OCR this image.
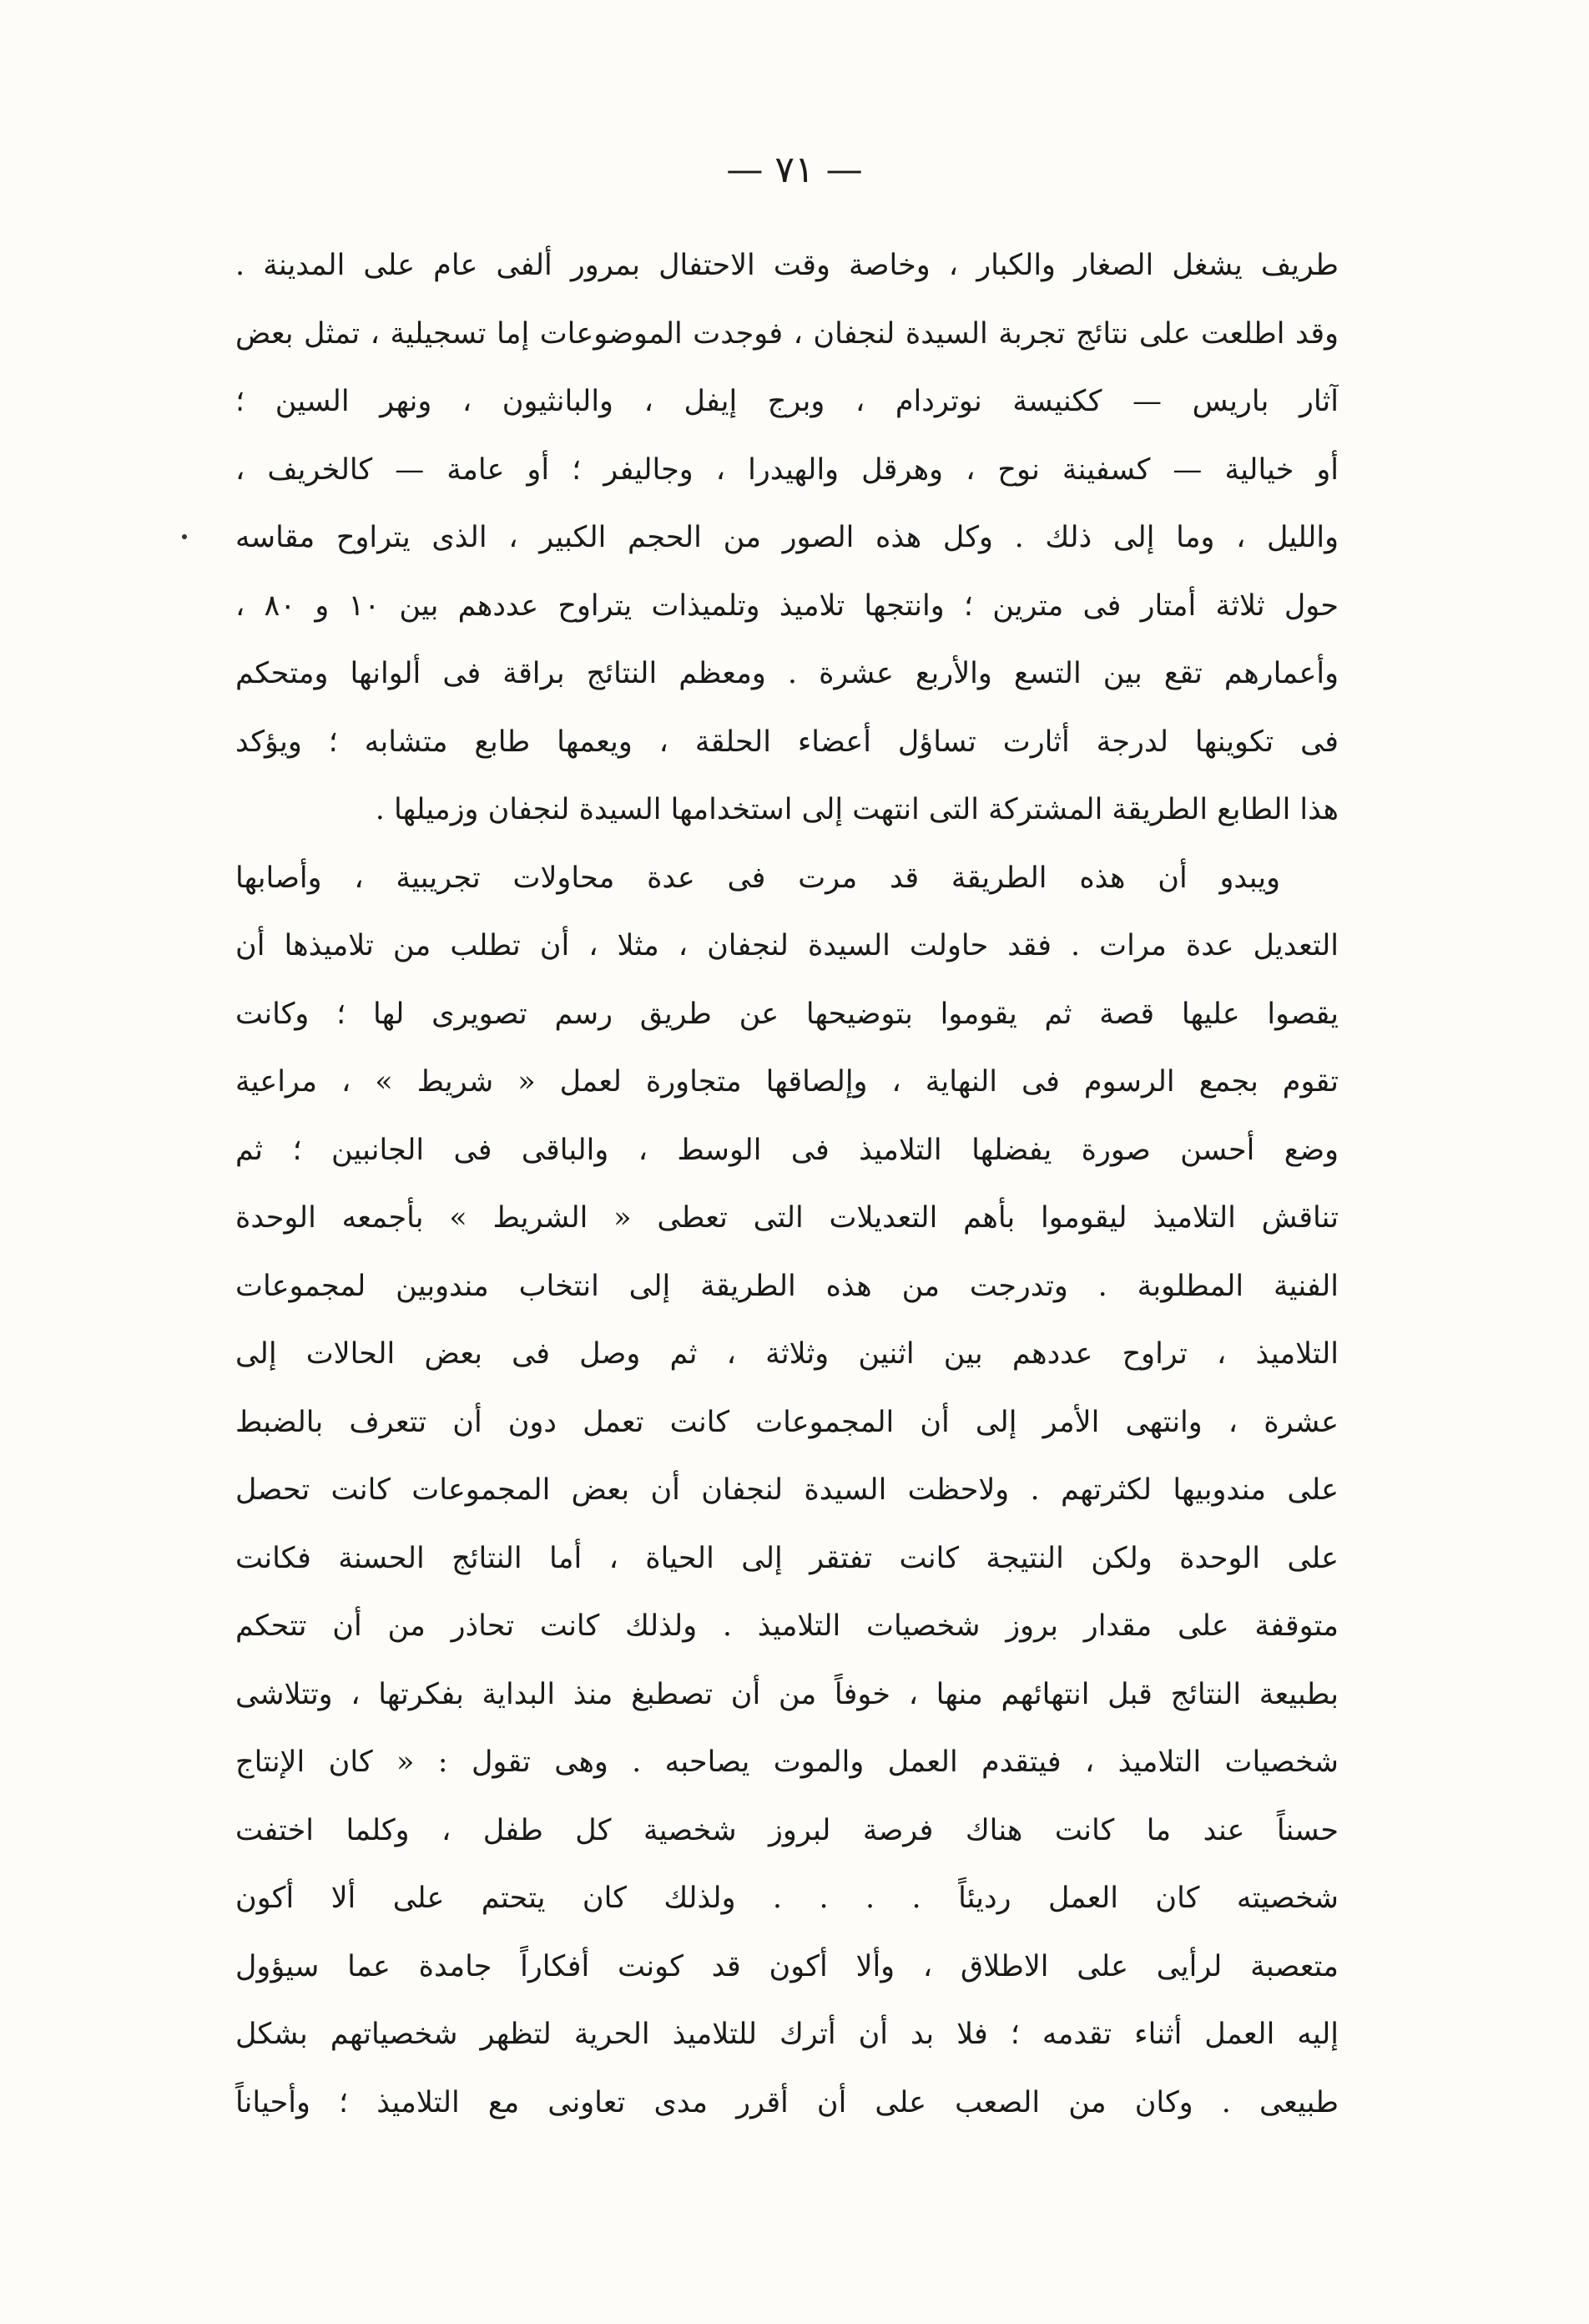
— ٧١ —
طريف يشغل الصغار والكبار ، وخاصة وقت الاحتفال بمرور ألفى عام على المدينة .
وقد اطلعت على نتائج تجربة السيدة لنجفان ، فوجدت الموضوعات إما تسجيلية ، تمثل بعض
آثار باريس — ككنيسة نوتردام ، وبرج إيفل ، والبانثيون ، ونهر السين ؛
أو خيالية — كسفينة نوح ، وهرقل والهيدرا ، وجاليفر ؛ أو عامة — كالخريف ،
والليل ، وما إلى ذلك . وكل هذه الصور من الحجم الكبير ، الذى يتراوح مقاسه
حول ثلاثة أمتار فى مترين ؛ وانتجها تلاميذ وتلميذات يتراوح عددهم بين ١٠ و ٨٠ ،
وأعمارهم تقع بين التسع والأربع عشرة . ومعظم النتائج براقة فى ألوانها ومتحكم
فى تكوينها لدرجة أثارت تساؤل أعضاء الحلقة ، ويعمها طابع متشابه ؛ ويؤكد
هذا الطابع الطريقة المشتركة التى انتهت إلى استخدامها السيدة لنجفان وزميلها .
ويبدو أن هذه الطريقة قد مرت فى عدة محاولات تجريبية ، وأصابها
التعديل عدة مرات . فقد حاولت السيدة لنجفان ، مثلا ، أن تطلب من تلاميذها أن
يقصوا عليها قصة ثم يقوموا بتوضيحها عن طريق رسم تصويرى لها ؛ وكانت
تقوم بجمع الرسوم فى النهاية ، وإلصاقها متجاورة لعمل « شريط » ، مراعية
وضع أحسن صورة يفضلها التلاميذ فى الوسط ، والباقى فى الجانبين ؛ ثم
تناقش التلاميذ ليقوموا بأهم التعديلات التى تعطى « الشريط » بأجمعه الوحدة
الفنية المطلوبة . وتدرجت من هذه الطريقة إلى انتخاب مندوبين لمجموعات
التلاميذ ، تراوح عددهم بين اثنين وثلاثة ، ثم وصل فى بعض الحالات إلى
عشرة ، وانتهى الأمر إلى أن المجموعات كانت تعمل دون أن تتعرف بالضبط
على مندوبيها لكثرتهم . ولاحظت السيدة لنجفان أن بعض المجموعات كانت تحصل
على الوحدة ولكن النتيجة كانت تفتقر إلى الحياة ، أما النتائج الحسنة فكانت
متوقفة على مقدار بروز شخصيات التلاميذ . ولذلك كانت تحاذر من أن تتحكم
بطبيعة النتائج قبل انتهائهم منها ، خوفاً من أن تصطبغ منذ البداية بفكرتها ، وتتلاشى
شخصيات التلاميذ ، فيتقدم العمل والموت يصاحبه . وهى تقول : « كان الإنتاج
حسناً عند ما كانت هناك فرصة لبروز شخصية كل طفل ، وكلما اختفت
شخصيته كان العمل رديئاً . . . . ولذلك كان يتحتم على ألا أكون
متعصبة لرأيى على الاطلاق ، وألا أكون قد كونت أفكاراً جامدة عما سيؤول
إليه العمل أثناء تقدمه ؛ فلا بد أن أترك للتلاميذ الحرية لتظهر شخصياتهم بشكل
طبيعى . وكان من الصعب على أن أقرر مدى تعاونى مع التلاميذ ؛ وأحياناً
